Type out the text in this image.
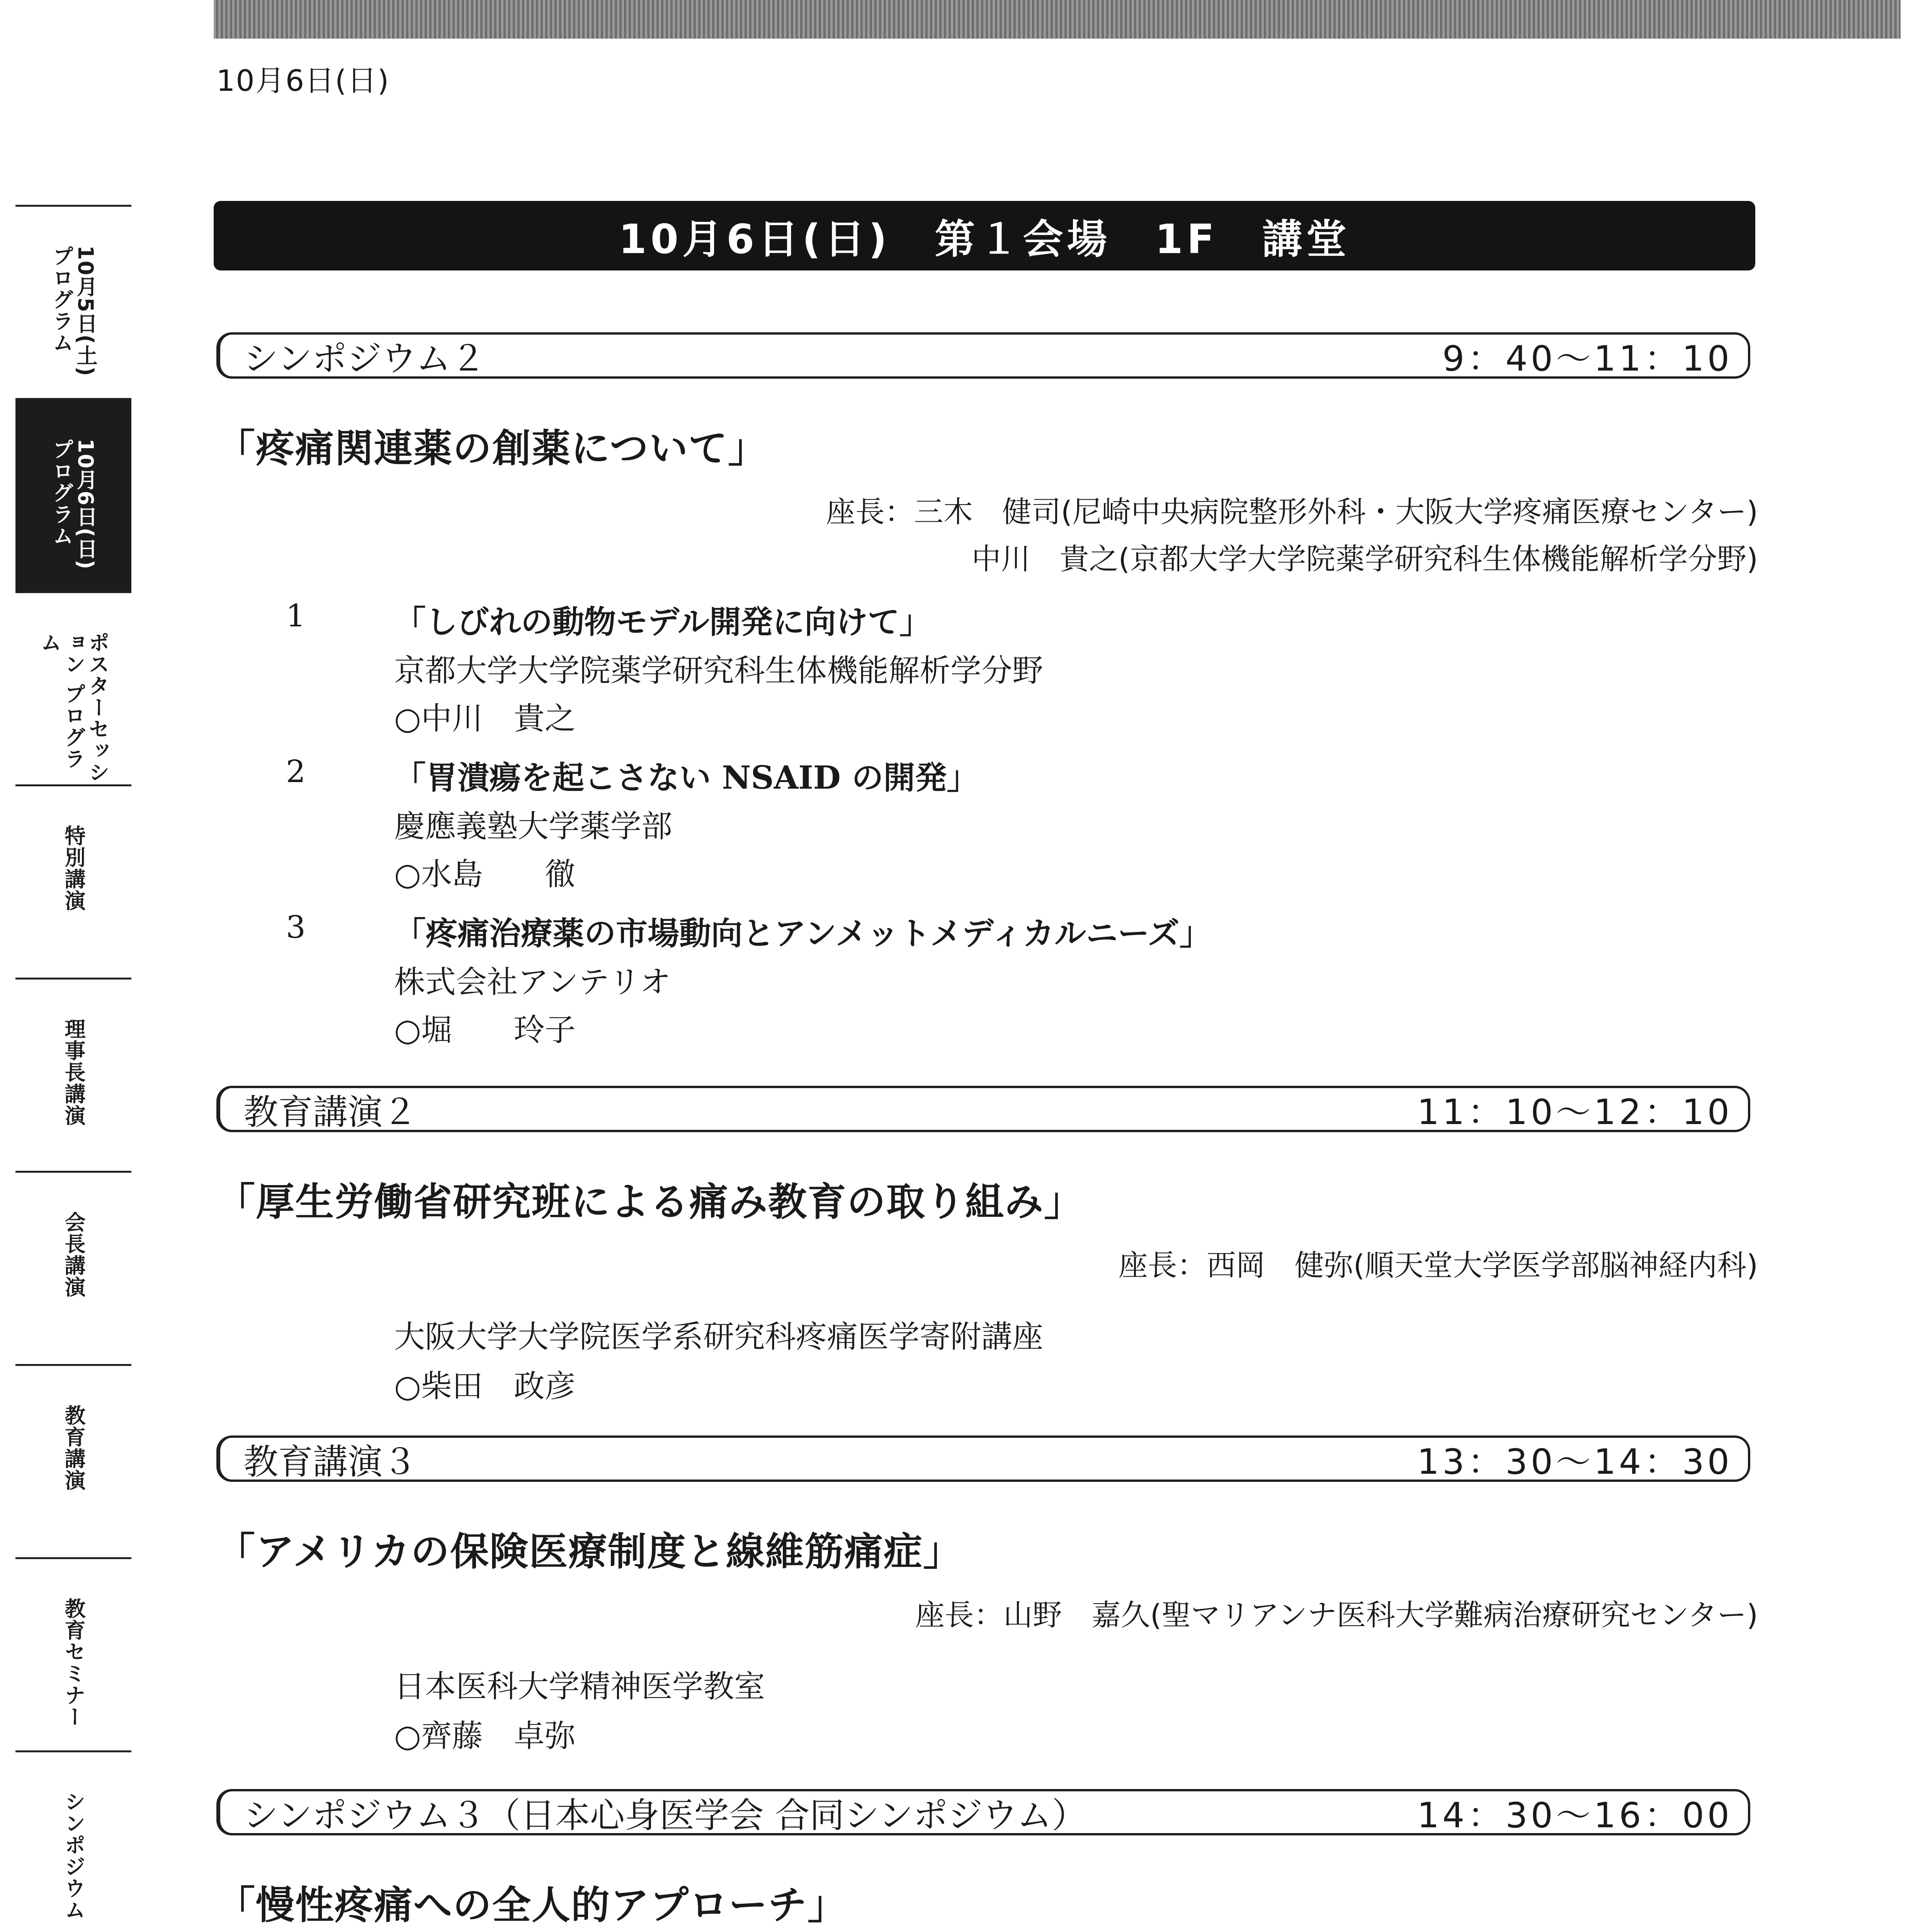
10月6日(日)
10月5日(土) プログラム
10月6日(日) プログラム
ポスターセッション プログラム
特別講演
理事長講演
会長講演
教育講演
教育セミナー
シンポジウム
10月6日(日)　第１会場　1F　講堂
シンポジウム２	9：40〜11：10
「疼痛関連薬の創薬について」
座長：三木　健司(尼崎中央病院整形外科・大阪大学疼痛医療センター)
中川　貴之(京都大学大学院薬学研究科生体機能解析学分野)
1	「しびれの動物モデル開発に向けて」
京都大学大学院薬学研究科生体機能解析学分野
○中川　貴之
2	「胃潰瘍を起こさない NSAID の開発」
慶應義塾大学薬学部
○水島　　徹
3	「疼痛治療薬の市場動向とアンメットメディカルニーズ」
株式会社アンテリオ
○堀　　玲子
教育講演２	11：10〜12：10
「厚生労働省研究班による痛み教育の取り組み」
座長：西岡　健弥(順天堂大学医学部脳神経内科)
大阪大学大学院医学系研究科疼痛医学寄附講座
○柴田　政彦
教育講演３	13：30〜14：30
「アメリカの保険医療制度と線維筋痛症」
座長：山野　嘉久(聖マリアンナ医科大学難病治療研究センター)
日本医科大学精神医学教室
○齊藤　卓弥
シンポジウム３（日本心身医学会 合同シンポジウム）	14：30〜16：00
「慢性疼痛への全人的アプローチ」
